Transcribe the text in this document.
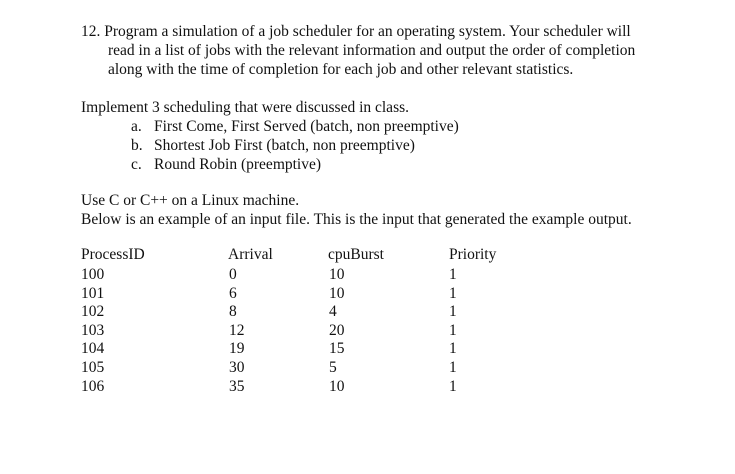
12. Program a simulation of a job scheduler for an operating system. Your scheduler will
read in a list of jobs with the relevant information and output the order of completion
along with the time of completion for each job and other relevant statistics.
Implement 3 scheduling that were discussed in class.
a. First Come, First Served (batch, non preemptive)
b. Shortest Job First (batch, non preemptive)
c. Round Robin (preemptive)
Use C or C++ on a Linux machine.
Below is an example of an input file. This is the input that generated the example output.
ProcessID	Arrival	cpuBurst	Priority
100	0	10	1
101	6	10	1
102	8	4	1
103	12	20	1
104	19	15	1
105	30	5	1
106	35	10	1
